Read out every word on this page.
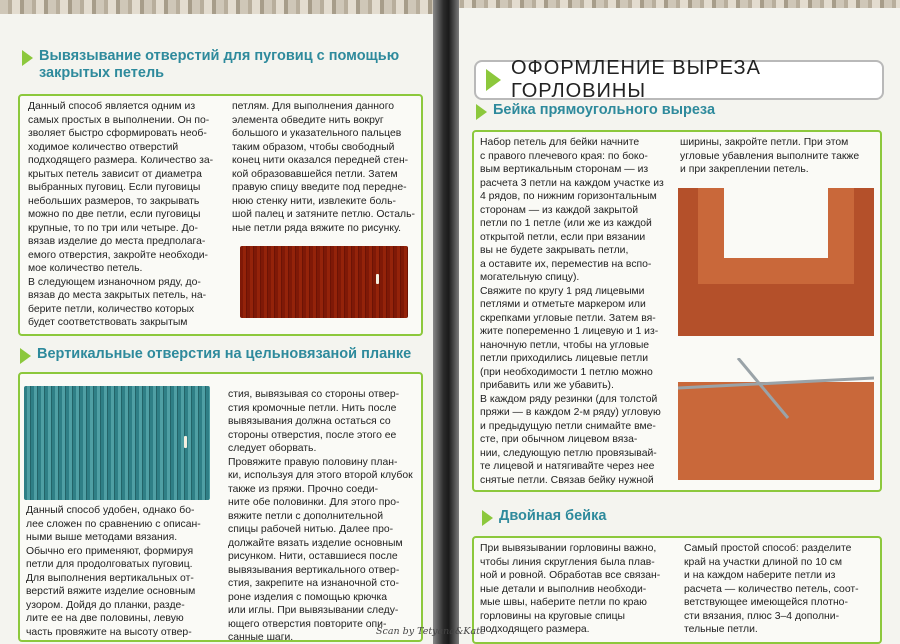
Вывязывание отверстий для пуговиц с помощью закрытых петель
Данный способ является одним из
самых простых в выполнении. Он по-
зволяет быстро сформировать необ-
ходимое количество отверстий
подходящего размера. Количество за-
крытых петель зависит от диаметра
выбранных пуговиц. Если пуговицы
небольших размеров, то закрывать
можно по две петли, если пуговицы
крупные, то по три или четыре. До-
вязав изделие до места предполага-
емого отверстия, закройте необходи-
мое количество петель.
В следующем изнаночном ряду, до-
вязав до места закрытых петель, на-
берите петли, количество которых
будет соответствовать закрытым
петлям. Для выполнения данного
элемента обведите нить вокруг
большого и указательного пальцев
таким образом, чтобы свободный
конец нити оказался передней стен-
кой образовавшейся петли. Затем
правую спицу введите под передне-
нюю стенку нити, извлеките боль-
шой палец и затяните петлю. Осталь-
ные петли ряда вяжите по рисунку.
Вертикальные отверстия на цельновязаной планке
Данный способ удобен, однако бо-
лее сложен по сравнению с описан-
ными выше методами вязания.
Обычно его применяют, формируя
петли для продолговатых пуговиц.
Для выполнения вертикальных от-
верстий вяжите изделие основным
узором. Дойдя до планки, разде-
лите ее на две половины, левую
часть провяжите на высоту отвер-
стия, вывязывая со стороны отвер-
стия кромочные петли. Нить после
вывязывания должна остаться со
стороны отверстия, после этого ее
следует оборвать.
Провяжите правую половину план-
ки, используя для этого второй клубок
также из пряжи. Прочно соеди-
ните обе половинки. Для этого про-
вяжите петли с дополнительной
спицы рабочей нитью. Далее про-
должайте вязать изделие основным
рисунком. Нити, оставшиеся после
вывязывания вертикального отвер-
стия, закрепите на изнаночной сто-
роне изделия с помощью крючка
или иглы. При вывязывании следу-
ющего отверстия повторите опи-
санные шаги.
ОФОРМЛЕНИЕ ВЫРЕЗА ГОРЛОВИНЫ
Бейка прямоугольного выреза
Набор петель для бейки начните
с правого плечевого края: по боко-
вым вертикальным сторонам — из
расчета 3 петли на каждом участке из
4 рядов, по нижним горизонтальным
сторонам — из каждой закрытой
петли по 1 петле (или же из каждой
открытой петли, если при вязании
вы не будете закрывать петли,
а оставите их, переместив на вспо-
могательную спицу).
Свяжите по кругу 1 ряд лицевыми
петлями и отметьте маркером или
скрепками угловые петли. Затем вя-
жите попеременно 1 лицевую и 1 из-
наночную петли, чтобы на угловые
петли приходились лицевые петли
(при необходимости 1 петлю можно
прибавить или же убавить).
В каждом ряду резинки (для толстой
пряжи — в каждом 2-м ряду) угловую
и предыдущую петли снимайте вме-
сте, при обычном лицевом вяза-
нии, следующую петлю провязывай-
те лицевой и натягивайте через нее
снятые петли. Связав бейку нужной
ширины, закройте петли. При этом
угловые убавления выполните также
и при закреплении петель.
Двойная бейка
При вывязывании горловины важно,
чтобы линия скругления была плав-
ной и ровной. Обработав все связан-
ные детали и выполнив необходи-
мые швы, наберите петли по краю
горловины на круговые спицы
подходящего размера.
Самый простой способ: разделите
край на участки длиной по 10 см
и на каждом наберите петли из
расчета — количество петель, соот-
ветствующее имеющейся плотно-
сти вязания, плюс 3–4 дополни-
тельные петли.
Scan by Tetyana&Kate
